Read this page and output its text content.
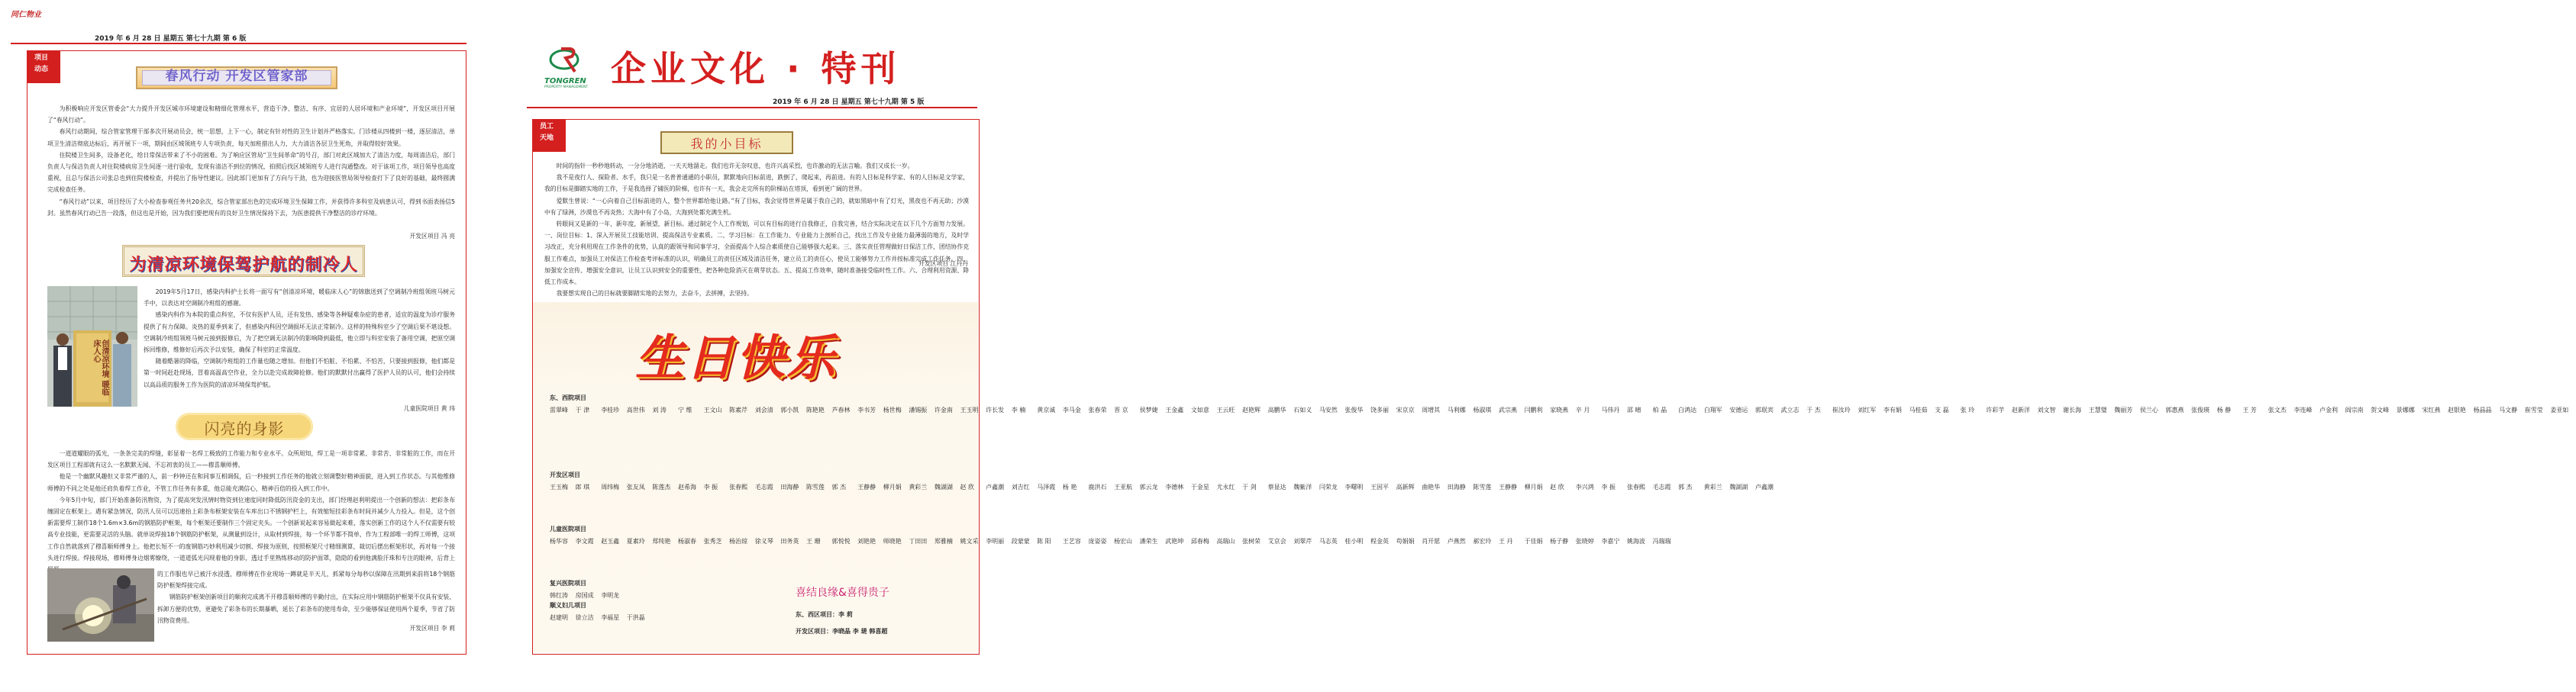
同仁物业
2019 年 6 月 28 日 星期五 第七十九期 第 6 版
项目
动态	春风行动 开发区管家部

为积极响应开发区管委会“大力提升开发区城市环境建设和精细化管理水平，营造干净、整洁、有序、宜居的人居环境和产业环境”，开发区项目开展了“春风行动”。

春风行动期间，综合管家管理干部多次开展动员会，统一思想，上下一心，制定有针对性的卫生计划并严格落实。门诊楼从四楼到一楼，逐层清洁，单项卫生清洁彻底达标后，再开展下一项，期间由区域领班专人专项负责，每天加班措出人力，大力清洁各层卫生死角，并取得较好效果。

住院楼卫生间多，设备老化，给日常保洁带来了不小的困难。为了响应区管局“卫生间革命”的号召，部门对此区域加大了清洁力度，每周清洁后，部门负责人与保洁负责人对住院楼病房卫生间逐一进行验收，发现有清洁不到位的情况，拍照后找区域领班专人进行沟通整改。对于该项工作，项目领导也高度重视，且总与保洁公司张总也到住院楼检查，并提出了指导性建议。因此部门更加有了方向与干劲，也为迎接医管局领导检查打下了良好的基础，最终圆满完成检查任务。

“春风行动”以来，项目经历了大小检查参观任务共20余次，综合管家部出色的完成环境卫生保障工作，并获得许多科室及病患认可，得到书面表扬信5封。虽然春风行动已告一段落，但这也是开始，因为我们要把现有的良好卫生情况保持下去，为医患提供干净整洁的诊疗环境。

开发区项目 冯 亮
为清凉环境保驾护航的制冷人
创清凉环境 暖临床人心

2019年5月17日，感染内科护士长将一面写有“创清凉环境，暖临床人心”的锦旗送到了空调制冷班组领班马树元手中，以表达对空调制冷班组的感谢。

感染内科作为本院的重点科室，不仅有医护人员，还有发热、感染等各种疑难杂症的患者，适宜的温度为诊疗服务提供了有力保障。炎热的夏季到来了，但感染内科因空调损坏无法正常制冷。这样的特殊科室少了空调后果不堪设想。空调制冷班组领班马树元接到报修后，为了把空调无法制冷的影响降到最低，他立即与科室安装了备用空调，把原空调拆回维修，维修好后再次予以安装，确保了科室的正常温度。

随着酷暑的降临，空调制冷班组的工作量也随之增加。但他们不怕脏、不怕累、不怕苦，只要接到报修，他们都是第一时间赶赴现场，冒着高温高空作业，全力以赴完成故障抢修。他们的默默付出赢得了医护人员的认可，他们会持续以高品质的服务工作为医院的清凉环境保驾护航。

儿童医院项目 黄 玮
闪亮的身影

一道道耀眼的弧光，一条条完美的焊缝，彰显着一名焊工极致的工作能力和专业水平。众所周知，焊工是一项非常累、非常苦、非常脏的工作，而在开发区项目工程部就有这么一名默默无闻、不忘初衷的员工——穆喜顺师傅。

他是一个幽默风趣但又非常严谨的人，前一秒钟还在和同事互相调侃，后一秒接到工作任务的他就立刻调整好精神面貌，进入到工作状态。与其他维修师傅的不同之处是他还肩负着焊工作业，不管工作任务有多重，他总能充满信心，精神百倍的投入到工作中。

今年5月中旬，部门开始准备防汛物资，为了提高突发汛情时物资到位速度同时降低防汛资金的支出，部门经理赵利明提出一个创新的想法：把彩条布缠固定在框架上。遇有紧急情况，防汛人员可以迅速抬上彩条布框架安装在车库出口不锈钢护栏上，有效缩短挂彩条布时间并减少人力投入。但是，这个创新需要焊工制作18个1.6m×3.6m的钢筋防护框架，每个框架还要制作三个固定夹头。一个创新说起来容易做起来难，落实创新工作的这个人不仅需要有较高专业技能，更需要灵活的头脑。就单说焊接18个钢筋防护框架，从测量到设计，从取材到焊接，每一个环节都不简单，作为工程部唯一的焊工师傅，这项工作自然就落到了穆喜顺师傅身上。他把长短不一的废钢筋巧妙利用减少切割、焊接为原则，按照框架尺寸精细测算，裁切后摆出框架形状，再对每一个接头进行焊接。焊接现场，穆师傅身边烟雾缭绕，一道道弧光闪现着他的身影，透过手里熟练移动的防护面罩，隐隐的看到他满脸汗珠和专注的眼神，后背上

的工作服也早已被汗水浸透，穆师傅在作业现场一蹲就是半天儿，抓紧每分每秒以保障在汛期到来前将18个钢筋防护框架焊接完成。

钢筋防护框架创新项目的顺利完成离不开穆喜顺师傅的辛勤付出，在实际应用中钢筋防护框架不仅具有安装、拆卸方便的优势，更避免了彩条布的长期暴晒，延长了彩条布的使用寿命，至少能够保证使用两个夏季，节省了防汛物资费用。

开发区项目 李 莉
TONGREN
PROPERTY MANAGEMENT 企业文化 · 特刊
2019 年 6 月 28 日 星期五 第七十九期 第 5 版
员工
天地	我的小目标

时间的指针一秒秒地转动，一分分地消逝，一天天地溜走。我们也许无奈叹息，也许兴高采烈，也许激动的无法言喻。我们又成长一岁。

我不是夜行人、探险者、水手，我只是一名普普通通的小职员，默默地向目标前进，跌倒了，爬起来，再前进。有的人目标是科学家、有的人目标是文学家，我的目标是脚踏实地的工作，于是我选择了铺医的阶梯，也许有一天，我会走完所有的阶梯站在塔顶，看到更广阔的世界。

爱默生曾说：“一心向着自己目标前进的人，整个世界都给他让路。”有了目标，我会觉得世界是属于我自己的，就如黑暗中有了灯光，黑夜也不再无助；沙漠中有了绿洲，沙漠也不再炎热；大海中有了小岛，大海到处都充满生机。

转眼间又是新的一年，新年度，新展望，新目标。通过制定个人工作规划，可以有目标的进行自我修正，自我完善，结合实际决定在以下几个方面努力发展。一、岗位目标：1、深入开展员工技能培训、提高保洁专业素质。二、学习目标：在工作能力、专业能力上剖析自己，找出工作及专业能力最薄弱的地方，及时学习改正，充分利用现在工作条件的优势，认真的跟领导和同事学习，全面提高个人综合素质使自己能够强大起来。三、落实责任管理做好日保洁工作，团结协作克服工作难点，加强员工对保洁工作检查考评标准的认识，明确员工的责任区域及清洁任务，建立员工的责任心，使员工能够努力工作并按标准完成工作任务。四、加强安全宣传、增强安全意识，让员工认识到安全的重要性，把各种危险消灭在萌芽状态。五、提高工作效率，随时准备接受临时性工作。六、合理利用资源、降低工作成本。

我要想实现自己的目标就要脚踏实地的去努力，去奋斗，去拼搏，去坚持。

开发区项目 江丹丹
生日快乐
东、西院项目
雷翠峰 于 津 李桂珍 高世伟 刘 涛 宁 维 王文山 陈素芹 刘会清 郭小凯 陈艳艳 芦春林 李书芳 杨世梅 潘锡振 许金南 王玉明 许长发 李 楠 黄京诚 李马金 张春荣 晋 京 侯梦婕 王金鑫 文如意 王云旺 赵艳辉 高鹏华 石如义 马安然 张俊华 饶多丽 宋京京 周增其 马利娜 杨淑琪 武宗燕 闫鹏利 家晓燕 辛 月 马伟丹 邵 晴 柏 晶 白鸿达 白翔军 安德运 郭珉宾 武立志 于 杰 崔汝玲 刘红军 李有娟 马桂茹 支 磊 张 玲 许彩芋 赵新洋 刘文智 谢长海 王慧璧 魏丽芳 侯兰心 郭惠燕 张俊瑛 杨 静 王 芳 张文杰 李连峰 卢金利 阎宗南 贺文峰 景娜娜 宋红燕 赵银艳 杨晶晶 马文静 崔雪莹 姜亚如
开发区项目
王玉梅 郎 琪 周纬梅 张友凤 陈莲杰 赵希海 李 振 张春熙 毛志霞 田海静 陈雪莲 郭 杰 王静静 柳月娟 黄彩兰 魏湖湖 赵 欣 卢鑫潮 刘吉红 马泽霞 杨 艳 鹿洪石 王亚航 郭云龙 李德林 于金星 尤永红 于 剑 蔡显达 魏紫洋 闫荣龙 李曙明 王因平 高新辉 曲艳华 田海静 陈雪莲 王静静 柳月娟 赵 欣 李兴鸿 李 振 张春熙 毛志霞 郭 杰 黄彩兰 魏湖湖 卢鑫潮
儿童医院项目
杨华容 李文霞 赵玉鑫 夏素玲 郑纯艳 杨淑春 张秀芝 杨治琼 徐义琴 田务英 王 珊 郭悦悦 刘艳艳 师晓艳 丁田田 郑雅楠 姚文采 李明丽 段蒙蒙 陈 阳 王艺容 庞姿姿 杨宏山 潘荣生 武艳坤 邱春梅 高瑞山 张树荣 艾京会 刘翠芹 马志英 桂小明 程金英 苟娟娟 肖开愿 卢燕然 郝宏玲 王 丹 于佳娟 杨子静 张晓婷 李嘉宁 姚海波 冯瑞瑞
复兴医院项目
韩红涛 房国成 李明龙
顺义妇儿项目
赵建明 徐立洁 李福星 于洪磊
喜结良缘&喜得贵子
东、西区项目：李 莉
开发区项目：李晓晶 李 琎 韩喜超
